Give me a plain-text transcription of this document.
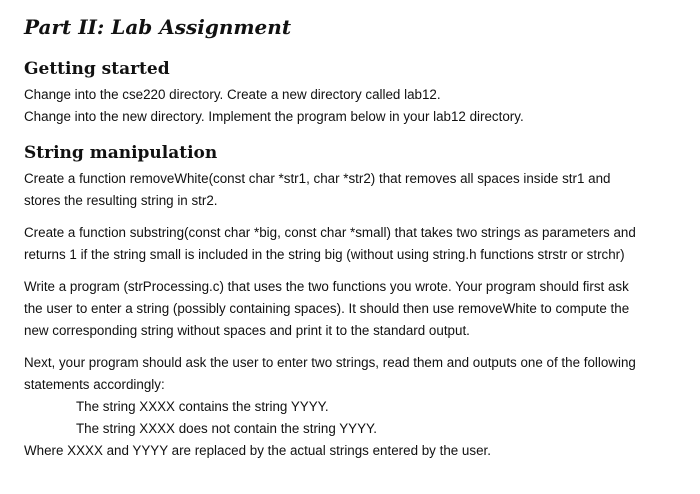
Part II: Lab Assignment
Getting started

Change into the cse220 directory. Create a new directory called lab12.
Change into the new directory. Implement the program below in your lab12 directory.

String manipulation

Create a function removeWhite(const char *str1, char *str2) that removes all spaces inside str1 and
stores the resulting string in str2.

Create a function substring(const char *big, const char *small) that takes two strings as parameters and
returns 1 if the string small is included in the string big (without using string.h functions strstr or strchr)

Write a program (strProcessing.c) that uses the two functions you wrote. Your program should first ask
the user to enter a string (possibly containing spaces). It should then use removeWhite to compute the
new corresponding string without spaces and print it to the standard output.

Next, your program should ask the user to enter two strings, read them and outputs one of the following
statements accordingly:
The string XXXX contains the string YYYY.
The string XXXX does not contain the string YYYY.
Where XXXX and YYYY are replaced by the actual strings entered by the user.
